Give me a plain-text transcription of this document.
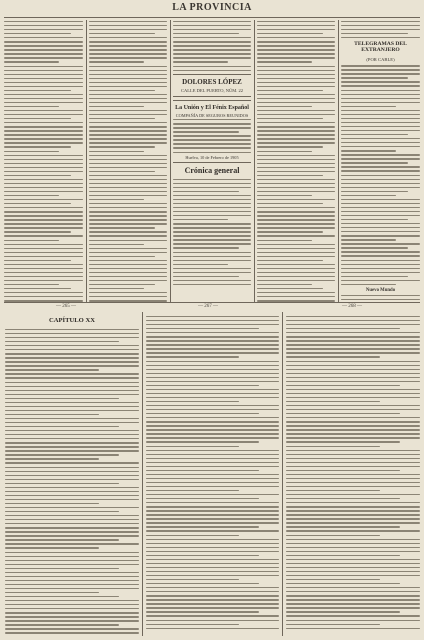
LA PROVINCIA
DOLORES LÓPEZ
CALLE DEL PUERTO, NÚM. 22
La Unión y El Fénix Español
COMPAÑÍA DE SEGUROS REUNIDOS
Huelva, 10 de Febrero de 1905
Crónica general
TELEGRAMAS DEL EXTRANJERO
(POR CABLE)
Nuevo Mundo
— 265 —	— 267 —	— 268 —
CAPÍTULO XX
